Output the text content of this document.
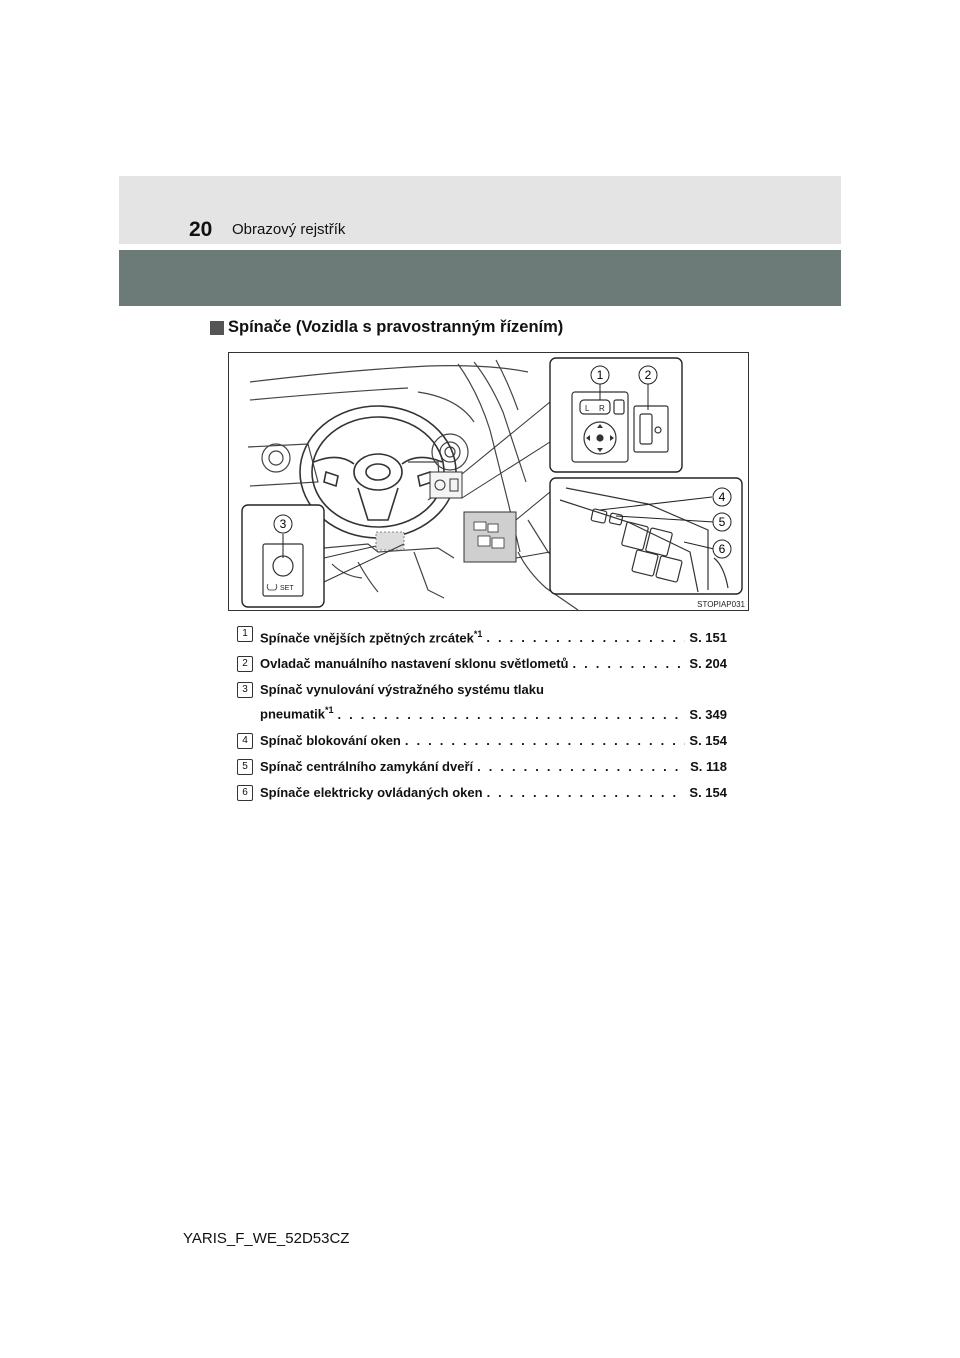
20 Obrazový rejstřík
Spínače (Vozidla s pravostranným řízením)
L R
1	2
4
5
6
STOPIAP031
3
SET
1 Spínače vnějších zpětných zrcátek$^{*1}$ . . .	S. 151
2 Ovladač manuálního nastavení sklonu světlometů . . .	S. 204
3 Spínač vynulování výstražného systému tlaku
pneumatik$^{*1}$ . . .	S. 349
4 Spínač blokování oken . . .	S. 154
5 Spínač centrálního zamykání dveří . . .	S. 118
6 Spínače elektricky ovládaných oken . . .	S. 154
YARIS_F_WE_52D53CZ
